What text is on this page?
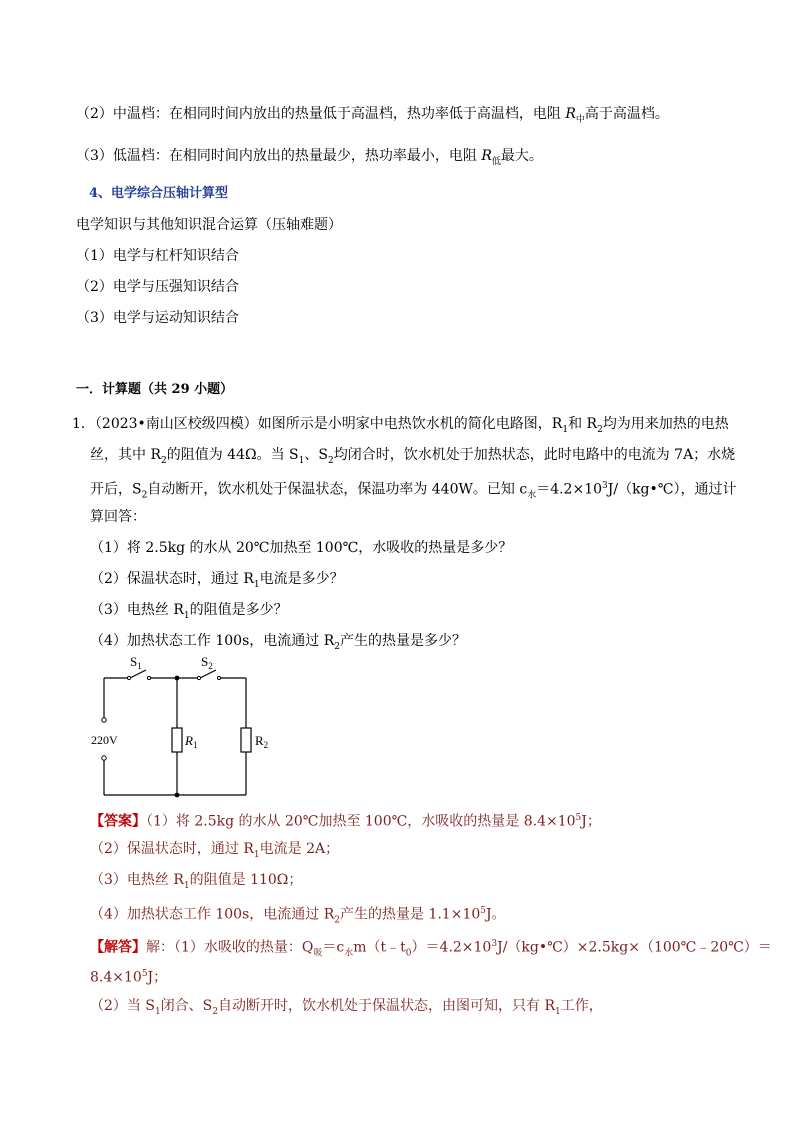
（2）中温档：在相同时间内放出的热量低于高温档，热功率低于高温档，电阻 $R_中$高于高温档。
（3）低温档：在相同时间内放出的热量最少，热功率最小，电阻 $R_低$最大。
4、电学综合压轴计算型
电学知识与其他知识混合运算（压轴难题）
（1）电学与杠杆知识结合
（2）电学与压强知识结合
（3）电学与运动知识结合
一．计算题（共 29 小题）
1．（2023•南山区校级四模）如图所示是小明家中电热饮水机的简化电路图，$R_1$和 $R_2$均为用来加热的电热
丝，其中 $R_2$的阻值为 44Ω。当 $S_1$、$S_2$均闭合时，饮水机处于加热状态，此时电路中的电流为 7A；水烧
开后，$S_2$自动断开，饮水机处于保温状态，保温功率为 440W。已知 $c_水=4.2\times 10^3J/(kg•℃)$，通过计
算回答：
（1）将 2.5kg 的水从 20℃加热至 100℃，水吸收的热量是多少？
（2）保温状态时，通过 $R_1$电流是多少？
（3）电热丝 $R_1$的阻值是多少？
（4）加热状态工作 100s，电流通过 $R_2$产生的热量是多少？
$S_1$	$S_2$
220V	$R_1$	$R_2$
【答案】（1）将 2.5kg 的水从 20℃加热至 100℃，水吸收的热量是 $8.4\times 10^5J$；
（2）保温状态时，通过 $R_1$电流是 2A；
（3）电热丝 $R_1$的阻值是 110Ω；
（4）加热状态工作 100s，电流通过 $R_2$产生的热量是 $1.1\times 10^5J$。
【解答】解：（1）水吸收的热量：$Q_吸=c_水m(t﹣t_0)=4.2\times 10^3J/(kg•℃)\times 2.5kg\times(100℃﹣20℃)=$
$8.4\times 10^5J$；
（2）当 $S_1$闭合、$S_2$自动断开时，饮水机处于保温状态，由图可知，只有 $R_1$工作，
